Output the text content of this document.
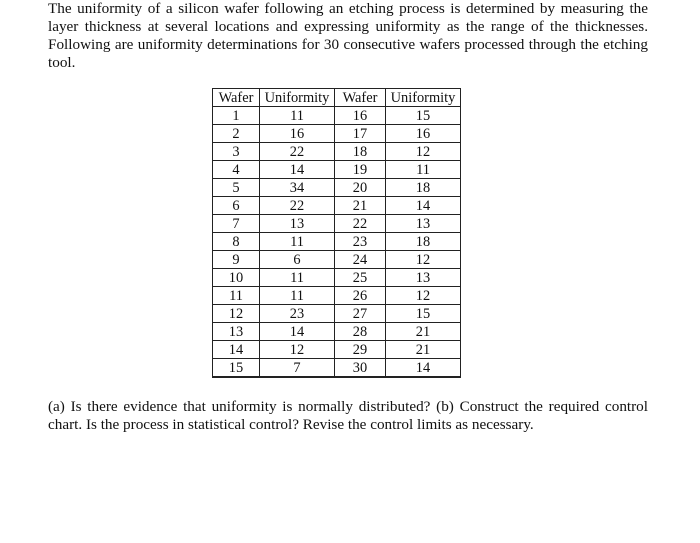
The uniformity of a silicon wafer following an etching process is determined by measuring the layer thickness at several locations and expressing uniformity as the range of the thicknesses. Following are uniformity determinations for 30 consecutive wafers processed through the etching tool.

Wafer	Uniformity	Wafer	Uniformity
1	11	16	15
2	16	17	16
3	22	18	12
4	14	19	11
5	34	20	18
6	22	21	14
7	13	22	13
8	11	23	18
9	6	24	12
10	11	25	13
11	11	26	12
12	23	27	15
13	14	28	21
14	12	29	21
15	7	30	14

(a) Is there evidence that uniformity is normally distributed? (b) Construct the required control chart. Is the process in statistical control? Revise the control limits as necessary.
